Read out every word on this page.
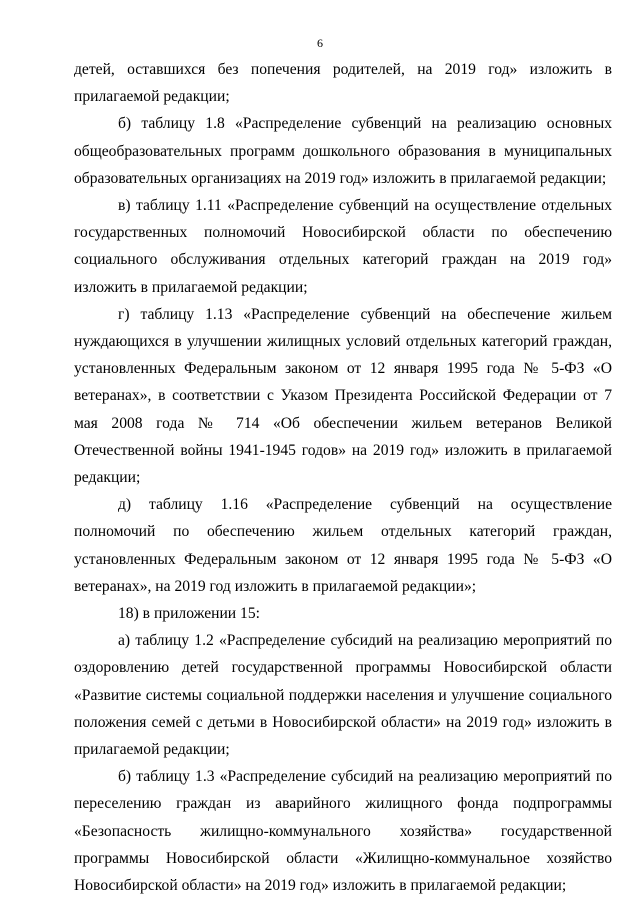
6

детей, оставшихся без попечения родителей, на 2019 год» изложить в прилагаемой редакции;

б) таблицу 1.8 «Распределение субвенций на реализацию основных общеобразовательных программ дошкольного образования в муниципальных образовательных организациях на 2019 год» изложить в прилагаемой редакции;

в) таблицу 1.11 «Распределение субвенций на осуществление отдельных государственных полномочий Новосибирской области по обеспечению социального обслуживания отдельных категорий граждан на 2019 год» изложить в прилагаемой редакции;

г) таблицу 1.13 «Распределение субвенций на обеспечение жильем нуждающихся в улучшении жилищных условий отдельных категорий граждан, установленных Федеральным законом от 12 января 1995 года № 5-ФЗ «О ветеранах», в соответствии с Указом Президента Российской Федерации от 7 мая 2008 года № 714 «Об обеспечении жильем ветеранов Великой Отечественной войны 1941-1945 годов» на 2019 год» изложить в прилагаемой редакции;

д) таблицу 1.16 «Распределение субвенций на осуществление полномочий по обеспечению жильем отдельных категорий граждан, установленных Федеральным законом от 12 января 1995 года № 5-ФЗ «О ветеранах», на 2019 год изложить в прилагаемой редакции»;

18) в приложении 15:

а) таблицу 1.2 «Распределение субсидий на реализацию мероприятий по оздоровлению детей государственной программы Новосибирской области «Развитие системы социальной поддержки населения и улучшение социального положения семей с детьми в Новосибирской области» на 2019 год» изложить в прилагаемой редакции;

б) таблицу 1.3 «Распределение субсидий на реализацию мероприятий по переселению граждан из аварийного жилищного фонда подпрограммы «Безопасность жилищно-коммунального хозяйства» государственной программы Новосибирской области «Жилищно-коммунальное хозяйство Новосибирской области» на 2019 год» изложить в прилагаемой редакции;
